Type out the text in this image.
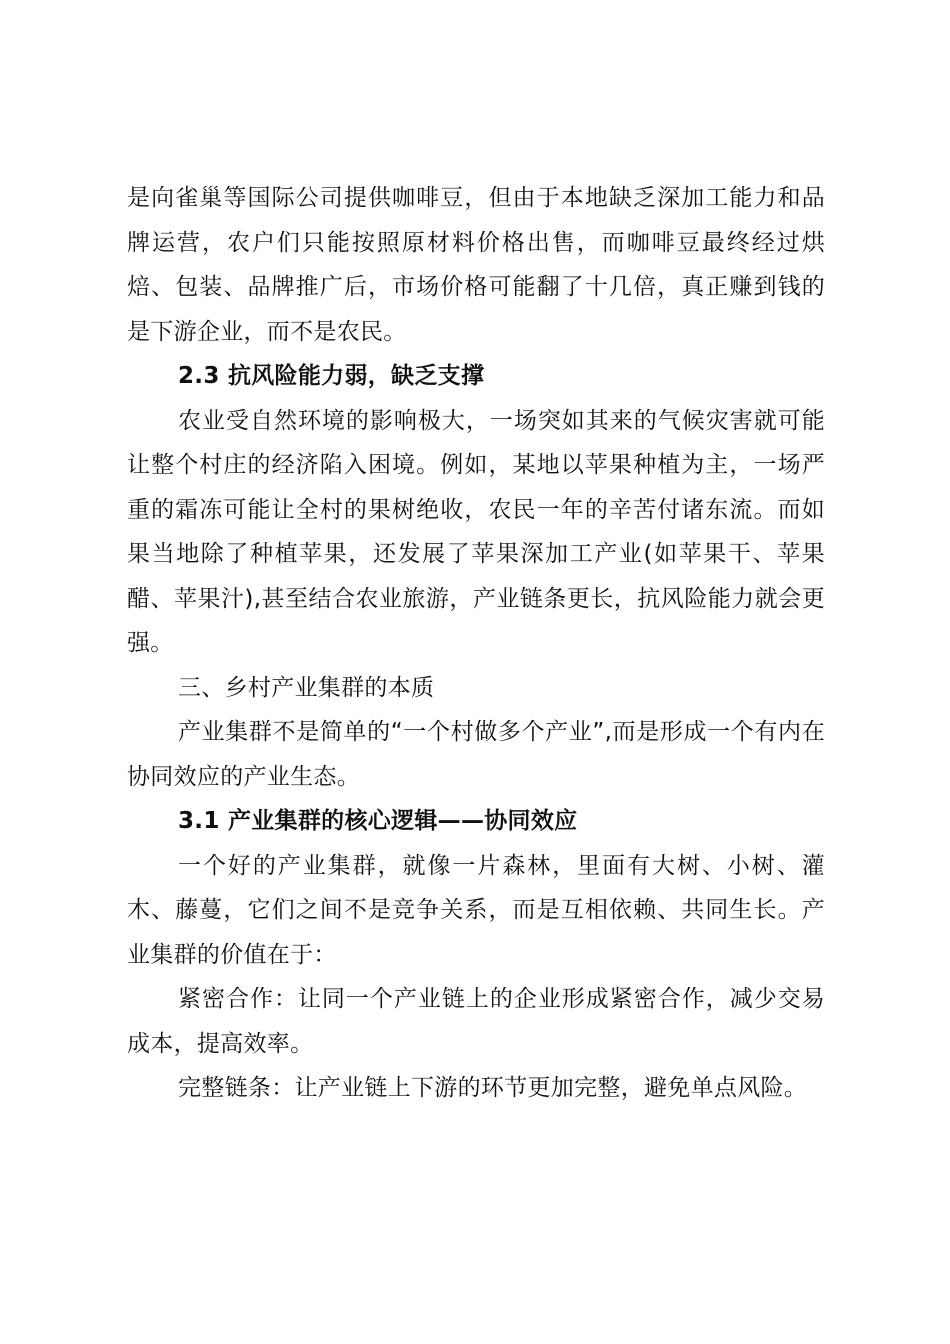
是向雀巢等国际公司提供咖啡豆，但由于本地缺乏深加工能力和品牌运营，农户们只能按照原材料价格出售，而咖啡豆最终经过烘焙、包装、品牌推广后，市场价格可能翻了十几倍，真正赚到钱的是下游企业，而不是农民。

2.3 抗风险能力弱，缺乏支撑

农业受自然环境的影响极大，一场突如其来的气候灾害就可能让整个村庄的经济陷入困境。例如，某地以苹果种植为主，一场严重的霜冻可能让全村的果树绝收，农民一年的辛苦付诸东流。而如果当地除了种植苹果，还发展了苹果深加工产业(如苹果干、苹果醋、苹果汁),甚至结合农业旅游，产业链条更长，抗风险能力就会更强。

三、乡村产业集群的本质

产业集群不是简单的“一个村做多个产业”,而是形成一个有内在协同效应的产业生态。

3.1 产业集群的核心逻辑——协同效应

一个好的产业集群，就像一片森林，里面有大树、小树、灌木、藤蔓，它们之间不是竞争关系，而是互相依赖、共同生长。产业集群的价值在于：

紧密合作：让同一个产业链上的企业形成紧密合作，减少交易成本，提高效率。

完整链条：让产业链上下游的环节更加完整，避免单点风险。
